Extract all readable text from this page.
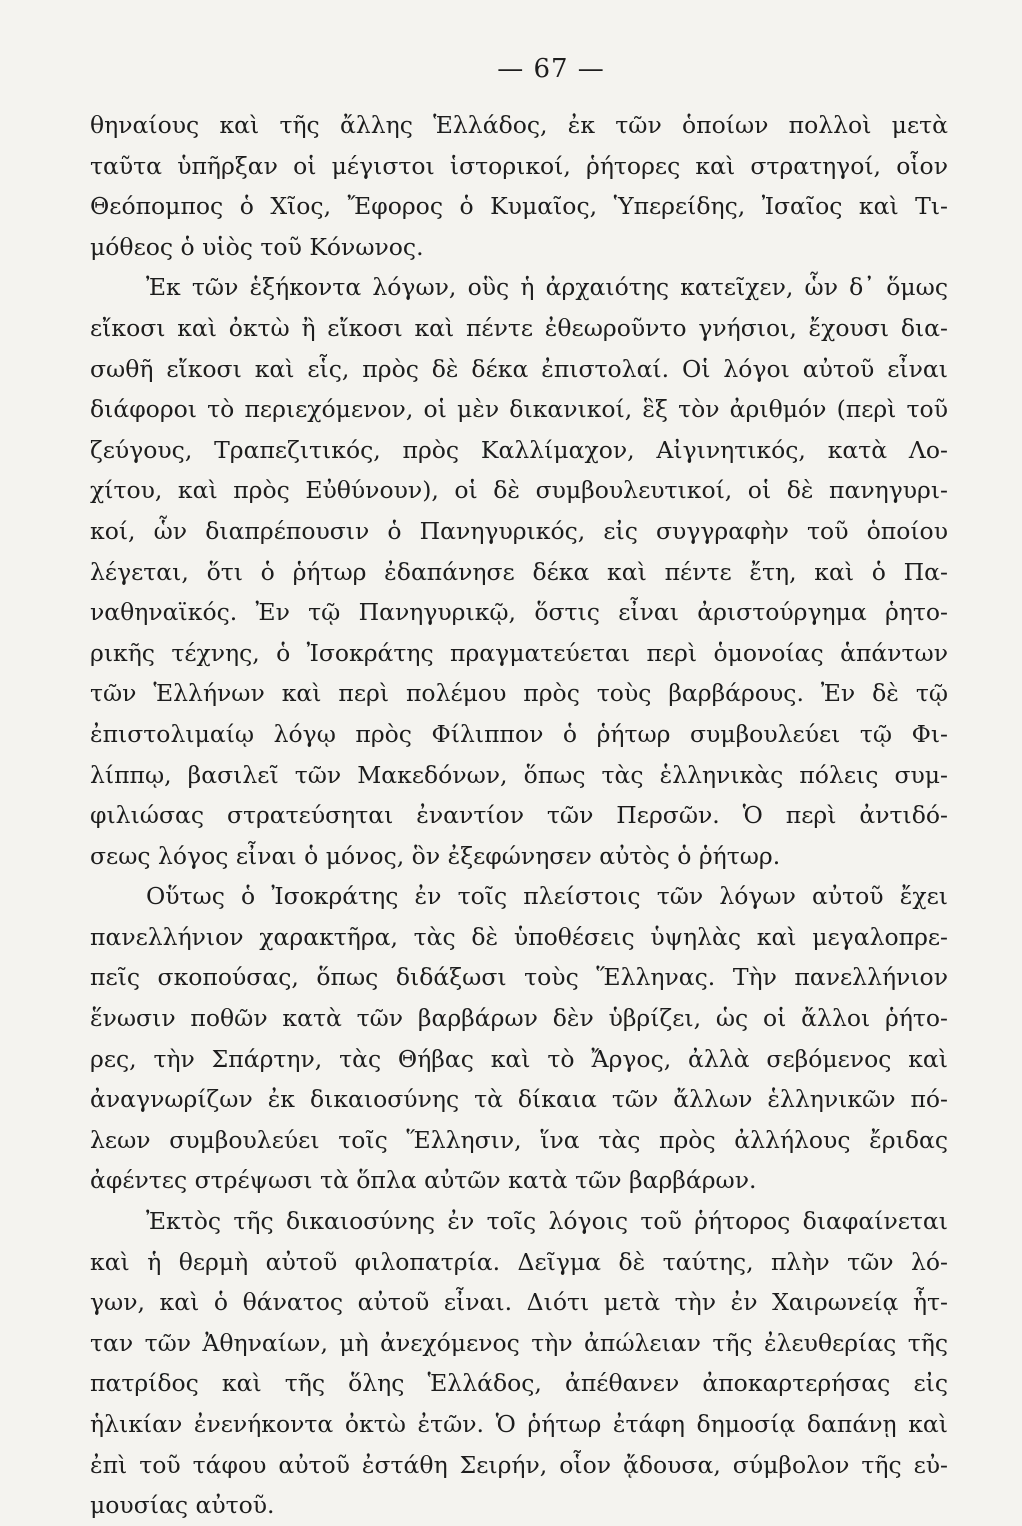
— 67 —
θηναίους καὶ τῆς ἄλλης Ἑλλάδος, ἐκ τῶν ὁποίων πολλοὶ μετὰ
ταῦτα ὑπῆρξαν οἱ μέγιστοι ἱστορικοί, ῥήτορες καὶ στρατηγοί, οἷον
Θεόπομπος ὁ Χῖος, Ἔφορος ὁ Κυμαῖος, Ὑπερείδης, Ἰσαῖος καὶ Τι-
μόθεος ὁ υἱὸς τοῦ Κόνωνος.
Ἐκ τῶν ἑξήκοντα λόγων, οὓς ἡ ἀρχαιότης κατεῖχεν, ὧν δ᾽ ὅμως
εἴκοσι καὶ ὀκτὼ ἢ εἴκοσι καὶ πέντε ἐθεωροῦντο γνήσιοι, ἔχουσι δια-
σωθῆ εἴκοσι καὶ εἷς, πρὸς δὲ δέκα ἐπιστολαί. Οἱ λόγοι αὐτοῦ εἶναι
διάφοροι τὸ περιεχόμενον, οἱ μὲν δικανικοί, ἓξ τὸν ἀριθμόν (περὶ τοῦ
ζεύγους, Τραπεζιτικός, πρὸς Καλλίμαχον, Αἰγινητικός, κατὰ Λο-
χίτου, καὶ πρὸς Εὐθύνουν), οἱ δὲ συμβουλευτικοί, οἱ δὲ πανηγυρι-
κοί, ὧν διαπρέπουσιν ὁ Πανηγυρικός, εἰς συγγραφὴν τοῦ ὁποίου
λέγεται, ὅτι ὁ ῥήτωρ ἐδαπάνησε δέκα καὶ πέντε ἔτη, καὶ ὁ Πα-
ναθηναϊκός. Ἐν τῷ Πανηγυρικῷ, ὅστις εἶναι ἀριστούργημα ῥητο-
ρικῆς τέχνης, ὁ Ἰσοκράτης πραγματεύεται περὶ ὁμονοίας ἁπάντων
τῶν Ἑλλήνων καὶ περὶ πολέμου πρὸς τοὺς βαρβάρους. Ἐν δὲ τῷ
ἐπιστολιμαίῳ λόγῳ πρὸς Φίλιππον ὁ ῥήτωρ συμβουλεύει τῷ Φι-
λίππῳ, βασιλεῖ τῶν Μακεδόνων, ὅπως τὰς ἑλληνικὰς πόλεις συμ-
φιλιώσας στρατεύσηται ἐναντίον τῶν Περσῶν. Ὁ περὶ ἀντιδό-
σεως λόγος εἶναι ὁ μόνος, ὃν ἐξεφώνησεν αὐτὸς ὁ ῥήτωρ.
Οὕτως ὁ Ἰσοκράτης ἐν τοῖς πλείστοις τῶν λόγων αὐτοῦ ἔχει
πανελλήνιον χαρακτῆρα, τὰς δὲ ὑποθέσεις ὑψηλὰς καὶ μεγαλοπρε-
πεῖς σκοπούσας, ὅπως διδάξωσι τοὺς Ἕλληνας. Τὴν πανελλήνιον
ἕνωσιν ποθῶν κατὰ τῶν βαρβάρων δὲν ὑβρίζει, ὡς οἱ ἄλλοι ῥήτο-
ρες, τὴν Σπάρτην, τὰς Θήβας καὶ τὸ Ἄργος, ἀλλὰ σεβόμενος καὶ
ἀναγνωρίζων ἐκ δικαιοσύνης τὰ δίκαια τῶν ἄλλων ἑλληνικῶν πό-
λεων συμβουλεύει τοῖς Ἕλλησιν, ἵνα τὰς πρὸς ἀλλήλους ἔριδας
ἀφέντες στρέψωσι τὰ ὅπλα αὐτῶν κατὰ τῶν βαρβάρων.
Ἐκτὸς τῆς δικαιοσύνης ἐν τοῖς λόγοις τοῦ ῥήτορος διαφαίνεται
καὶ ἡ θερμὴ αὐτοῦ φιλοπατρία. Δεῖγμα δὲ ταύτης, πλὴν τῶν λό-
γων, καὶ ὁ θάνατος αὐτοῦ εἶναι. Διότι μετὰ τὴν ἐν Χαιρωνείᾳ ἧτ-
ταν τῶν Ἀθηναίων, μὴ ἀνεχόμενος τὴν ἀπώλειαν τῆς ἐλευθερίας τῆς
πατρίδος καὶ τῆς ὅλης Ἑλλάδος, ἀπέθανεν ἀποκαρτερήσας εἰς
ἡλικίαν ἐνενήκοντα ὀκτὼ ἐτῶν. Ὁ ῥήτωρ ἐτάφη δημοσίᾳ δαπάνῃ καὶ
ἐπὶ τοῦ τάφου αὐτοῦ ἐστάθη Σειρήν, οἷον ᾄδουσα, σύμβολον τῆς εὐ-
μουσίας αὐτοῦ.
